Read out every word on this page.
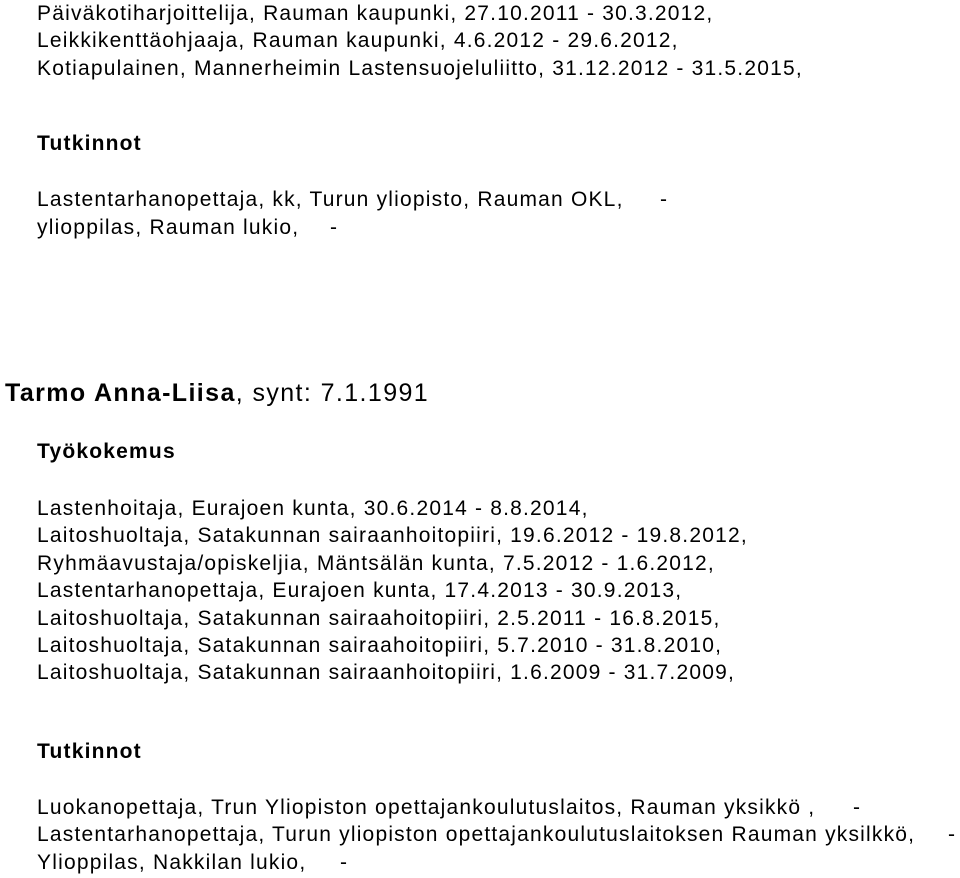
Päiväkotiharjoittelija, Rauman kaupunki, 27.10.2011 - 30.3.2012,
Leikkikenttäohjaaja, Rauman kaupunki, 4.6.2012 - 29.6.2012,
Kotiapulainen, Mannerheimin Lastensuojeluliitto, 31.12.2012 - 31.5.2015,
Tutkinnot
Lastentarhanopettaja, kk, Turun yliopisto, Rauman OKL, -
ylioppilas, Rauman lukio, -
Tarmo Anna-Liisa, synt: 7.1.1991
Työkokemus
Lastenhoitaja, Eurajoen kunta, 30.6.2014 - 8.8.2014,
Laitoshuoltaja, Satakunnan sairaanhoitopiiri, 19.6.2012 - 19.8.2012,
Ryhmäavustaja/opiskeljia, Mäntsälän kunta, 7.5.2012 - 1.6.2012,
Lastentarhanopettaja, Eurajoen kunta, 17.4.2013 - 30.9.2013,
Laitoshuoltaja, Satakunnan sairaahoitopiiri, 2.5.2011 - 16.8.2015,
Laitoshuoltaja, Satakunnan sairaahoitopiiri, 5.7.2010 - 31.8.2010,
Laitoshuoltaja, Satakunnan sairaanhoitopiiri, 1.6.2009 - 31.7.2009,
Tutkinnot
Luokanopettaja, Trun Yliopiston opettajankoulutuslaitos, Rauman yksikkö , -
Lastentarhanopettaja, Turun yliopiston opettajankoulutuslaitoksen Rauman yksilkkö, -
Ylioppilas, Nakkilan lukio, -
